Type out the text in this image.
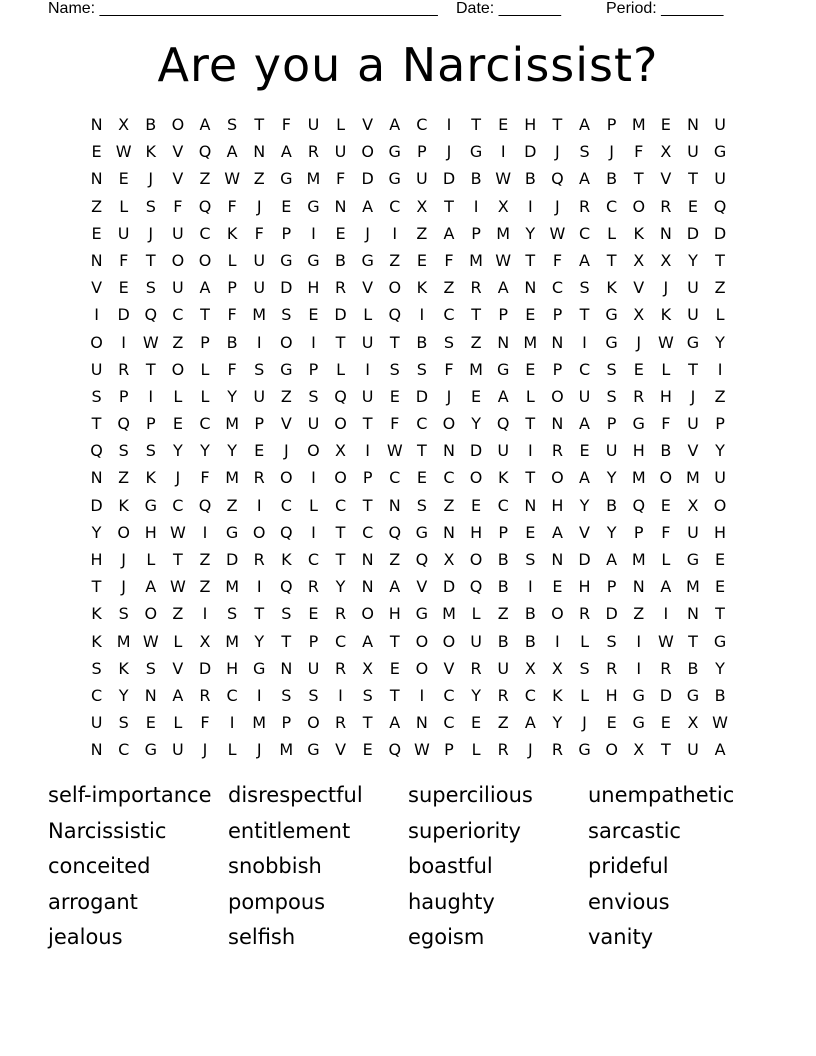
Name: ______________________________________ Date: _______	Period: _______
Are you a Narcissist?
N X	B O A	S	T	F	U	L	V	A	C	I	T	E	H	T	A	P M E	N U
E W K	V Q A N A	R U O G	P	J	G	I	D	J	S	J	F	X U G
N	E	J	V	Z W Z G M F	D G U D B W B Q A	B	T	V	T	U
Z	L	S	F	Q	F	J	E G N A	C	X	T	I	X	I	J	R C O R	E Q
E	U	J	U C	K	F	P	I	E	J	I	Z	A	P M Y W C	L	K N D D
N	F	T O O	L	U G G B G Z	E	F M W T	F	A	T	X	X	Y	T
V	E	S	U A	P	U D H R	V O K	Z	R	A N C	S	K	V	J	U Z
I	D Q C	T	F M S	E D	L	Q	I	C	T	P	E	P	T	G X	K	U	L
O	I	W Z	P	B	I	O	I	T	U	T	B	S	Z N M N	I	G	J	W G	Y
U R	T O	L	F	S G	P	L	I	S	S	F M G E	P	C	S	E	L	T	I
S	P	I	L	L	Y	U Z	S Q U	E D	J	E	A	L	O U	S	R H	J	Z
T Q P	E	C M P	V U O T	F	C O Y Q T	N A	P	G	F	U	P
Q S	S	Y	Y	Y	E	J	O X	I	W T	N D U	I	R	E	U H B	V	Y
N Z	K	J	F M R O	I	O P	C	E	C O K	T O A	Y M O M U
D K G C Q Z	I	C	L	C	T	N	S	Z	E	C N H	Y	B Q E	X O
Y O H W	I	G O Q	I	T	C Q G N H	P	E	A	V	Y	P	F	U H
H	J	L	T	Z D R	K	C	T	N Z Q X O B	S	N D A M L	G E
T	J	A W Z M	I	Q R	Y	N A	V D Q B	I	E	H	P	N A M E
K	S O Z	I	S	T	S	E	R O H G M L	Z	B O R D Z	I	N	T
K M W L	X M Y	T	P	C	A	T O O U B	B	I	L	S	I	W T	G
S	K	S	V D H G N U R	X	E O V	R U X	X	S	R	I	R	B	Y
C	Y	N A	R C	I	S	S	I	S	T	I	C	Y	R C	K	L	H G D G B
U	S	E	L	F	I	M P O R	T	A N C	E	Z	A	Y	J	E G E	X W
N C G U	J	L	J	M G V	E Q W P	L	R	J	R G O X	T	U A
self-importance disrespectful	supercilious	unempathetic
Narcissistic	entitlement	superiority	sarcastic
conceited	snobbish	boastful	prideful
arrogant	pompous	haughty	envious
jealous	selfish	egoism	vanity
